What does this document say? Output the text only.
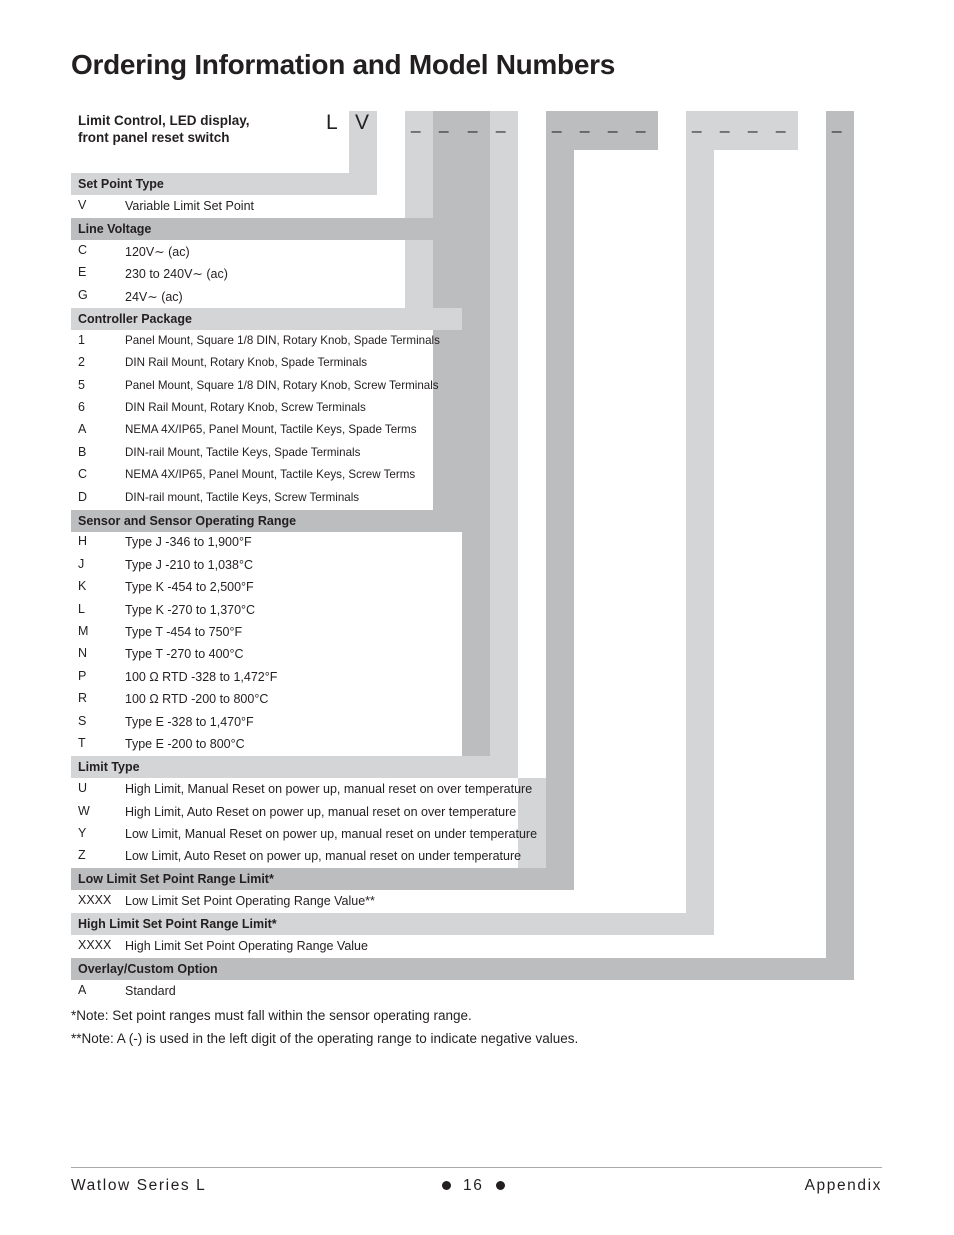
Ordering Information and Model Numbers
Limit Control, LED display,
front panel reset switch
L V _ _ _ _	_ _ _ _	_ _ _ _	_
Set Point Type
V	Variable Limit Set Point
Line Voltage
C	120V∼ (ac)
E	230 to 240V∼ (ac)
G	24V∼ (ac)
Controller Package
1	Panel Mount, Square 1/8 DIN, Rotary Knob, Spade Terminals
2	DIN Rail Mount, Rotary Knob, Spade Terminals
5	Panel Mount, Square 1/8 DIN, Rotary Knob, Screw Terminals
6	DIN Rail Mount, Rotary Knob, Screw Terminals
A	NEMA 4X/IP65, Panel Mount, Tactile Keys, Spade Terms
B	DIN-rail Mount, Tactile Keys, Spade Terminals
C	NEMA 4X/IP65, Panel Mount, Tactile Keys, Screw Terms
D	DIN-rail mount, Tactile Keys, Screw Terminals
Sensor and Sensor Operating Range
H	Type J -346 to 1,900°F
J	Type J -210 to 1,038°C
K	Type K -454 to 2,500°F
L	Type K -270 to 1,370°C
M	Type T -454 to 750°F
N	Type T -270 to 400°C
P	100 Ω RTD -328 to 1,472°F
R	100 Ω RTD -200 to 800°C
S	Type E -328 to 1,470°F
T	Type E -200 to 800°C
Limit Type
U	High Limit, Manual Reset on power up, manual reset on over temperature
W	High Limit, Auto Reset on power up, manual reset on over temperature
Y	Low Limit, Manual Reset on power up, manual reset on under temperature
Z	Low Limit, Auto Reset on power up, manual reset on under temperature
Low Limit Set Point Range Limit*
XXXX Low Limit Set Point Operating Range Value**
High Limit Set Point Range Limit*
XXXX High Limit Set Point Operating Range Value
Overlay/Custom Option
A	Standard
*Note: Set point ranges must fall within the sensor operating range.
**Note: A (-) is used in the left digit of the operating range to indicate negative values.
Watlow Series L	16	Appendix
